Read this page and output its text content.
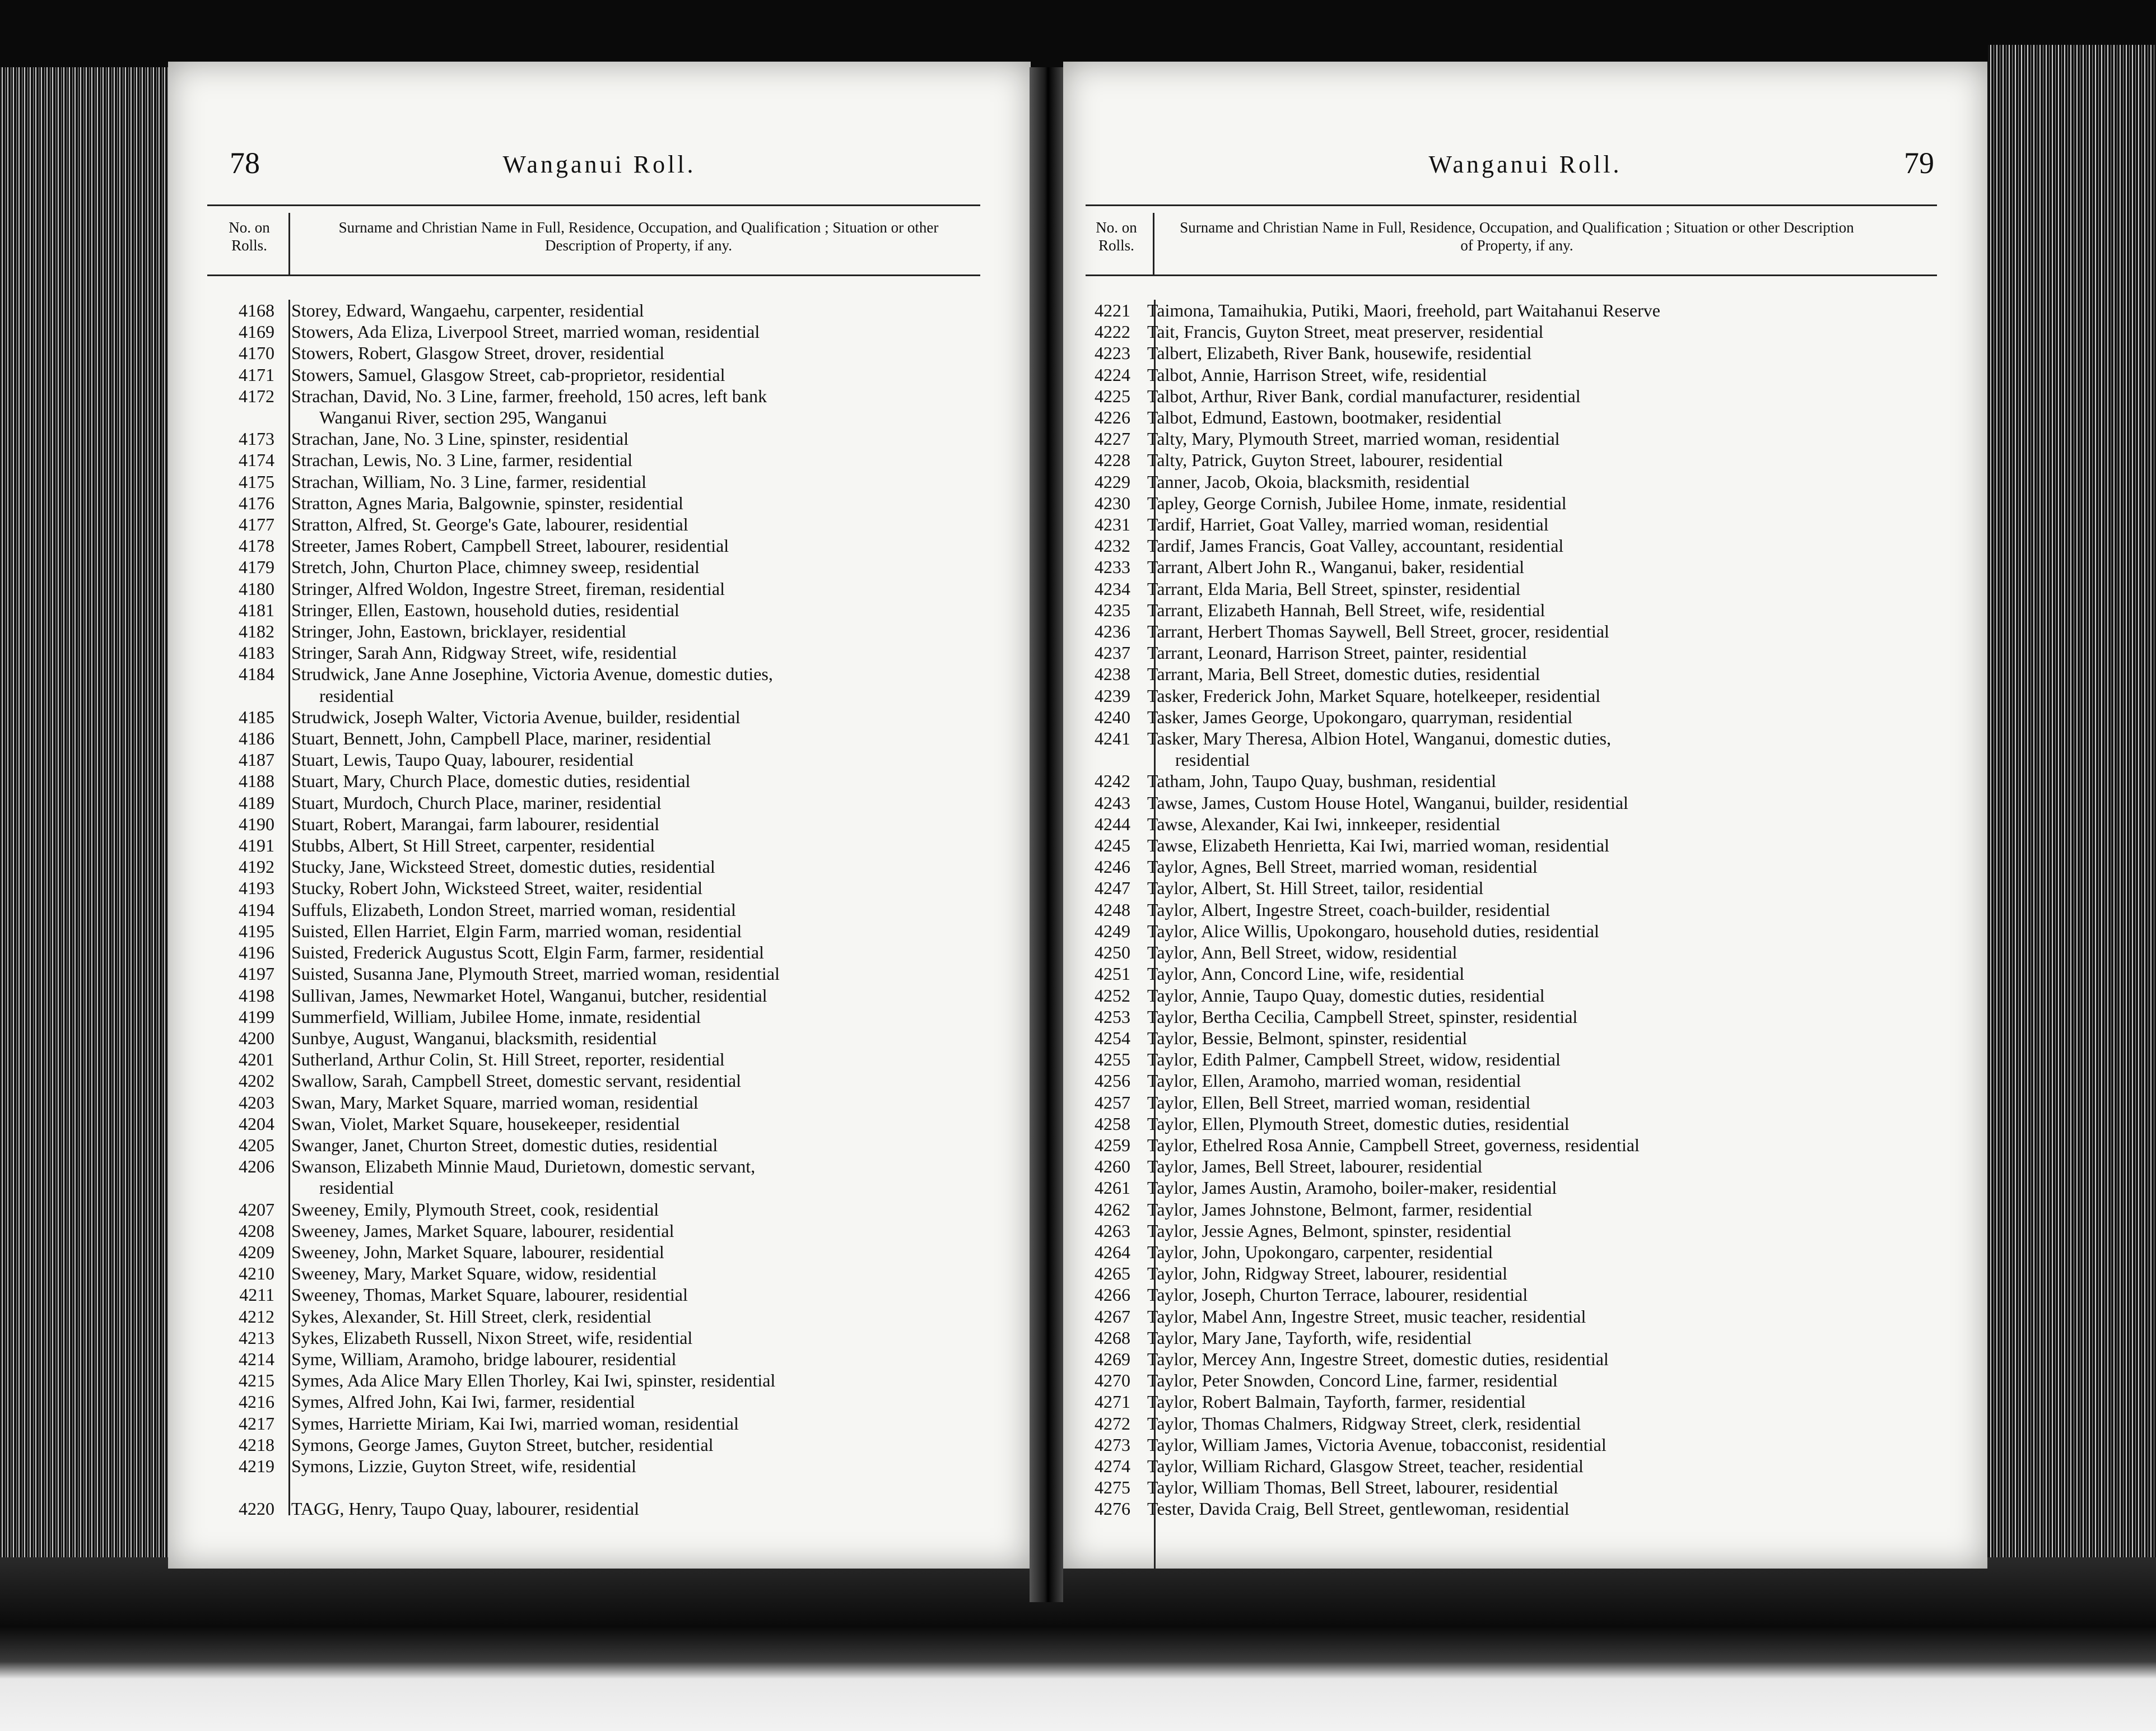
78	Wanganui Roll.
No. on Rolls.
Surname and Christian Name in Full, Residence, Occupation, and Qualification ; Situation or other Description of Property, if any.
4168 Storey, Edward, Wangaehu, carpenter, residential
4169 Stowers, Ada Eliza, Liverpool Street, married woman, residential
4170 Stowers, Robert, Glasgow Street, drover, residential
4171 Stowers, Samuel, Glasgow Street, cab-proprietor, residential
4172 Strachan, David, No. 3 Line, farmer, freehold, 150 acres, left bank
Wanganui River, section 295, Wanganui
4173 Strachan, Jane, No. 3 Line, spinster, residential
4174 Strachan, Lewis, No. 3 Line, farmer, residential
4175 Strachan, William, No. 3 Line, farmer, residential
4176 Stratton, Agnes Maria, Balgownie, spinster, residential
4177 Stratton, Alfred, St. George's Gate, labourer, residential
4178 Streeter, James Robert, Campbell Street, labourer, residential
4179 Stretch, John, Churton Place, chimney sweep, residential
4180 Stringer, Alfred Woldon, Ingestre Street, fireman, residential
4181 Stringer, Ellen, Eastown, household duties, residential
4182 Stringer, John, Eastown, bricklayer, residential
4183 Stringer, Sarah Ann, Ridgway Street, wife, residential
4184 Strudwick, Jane Anne Josephine, Victoria Avenue, domestic duties,
residential
4185 Strudwick, Joseph Walter, Victoria Avenue, builder, residential
4186 Stuart, Bennett, John, Campbell Place, mariner, residential
4187 Stuart, Lewis, Taupo Quay, labourer, residential
4188 Stuart, Mary, Church Place, domestic duties, residential
4189 Stuart, Murdoch, Church Place, mariner, residential
4190 Stuart, Robert, Marangai, farm labourer, residential
4191 Stubbs, Albert, St Hill Street, carpenter, residential
4192 Stucky, Jane, Wicksteed Street, domestic duties, residential
4193 Stucky, Robert John, Wicksteed Street, waiter, residential
4194 Suffuls, Elizabeth, London Street, married woman, residential
4195 Suisted, Ellen Harriet, Elgin Farm, married woman, residential
4196 Suisted, Frederick Augustus Scott, Elgin Farm, farmer, residential
4197 Suisted, Susanna Jane, Plymouth Street, married woman, residential
4198 Sullivan, James, Newmarket Hotel, Wanganui, butcher, residential
4199 Summerfield, William, Jubilee Home, inmate, residential
4200 Sunbye, August, Wanganui, blacksmith, residential
4201 Sutherland, Arthur Colin, St. Hill Street, reporter, residential
4202 Swallow, Sarah, Campbell Street, domestic servant, residential
4203 Swan, Mary, Market Square, married woman, residential
4204 Swan, Violet, Market Square, housekeeper, residential
4205 Swanger, Janet, Churton Street, domestic duties, residential
4206 Swanson, Elizabeth Minnie Maud, Durietown, domestic servant,
residential
4207 Sweeney, Emily, Plymouth Street, cook, residential
4208 Sweeney, James, Market Square, labourer, residential
4209 Sweeney, John, Market Square, labourer, residential
4210 Sweeney, Mary, Market Square, widow, residential
4211 Sweeney, Thomas, Market Square, labourer, residential
4212 Sykes, Alexander, St. Hill Street, clerk, residential
4213 Sykes, Elizabeth Russell, Nixon Street, wife, residential
4214 Syme, William, Aramoho, bridge labourer, residential
4215 Symes, Ada Alice Mary Ellen Thorley, Kai Iwi, spinster, residential
4216 Symes, Alfred John, Kai Iwi, farmer, residential
4217 Symes, Harriette Miriam, Kai Iwi, married woman, residential
4218 Symons, George James, Guyton Street, butcher, residential
4219 Symons, Lizzie, Guyton Street, wife, residential
4220 TAGG, Henry, Taupo Quay, labourer, residential
Wanganui Roll.	79
No. on Rolls.
Surname and Christian Name in Full, Residence, Occupation, and Qualification ; Situation or other Description of Property, if any.
4221 Taimona, Tamaihukia, Putiki, Maori, freehold, part Waitahanui Reserve
4222 Tait, Francis, Guyton Street, meat preserver, residential
4223 Talbert, Elizabeth, River Bank, housewife, residential
4224 Talbot, Annie, Harrison Street, wife, residential
4225 Talbot, Arthur, River Bank, cordial manufacturer, residential
4226 Talbot, Edmund, Eastown, bootmaker, residential
4227 Talty, Mary, Plymouth Street, married woman, residential
4228 Talty, Patrick, Guyton Street, labourer, residential
4229 Tanner, Jacob, Okoia, blacksmith, residential
4230 Tapley, George Cornish, Jubilee Home, inmate, residential
4231 Tardif, Harriet, Goat Valley, married woman, residential
4232 Tardif, James Francis, Goat Valley, accountant, residential
4233 Tarrant, Albert John R., Wanganui, baker, residential
4234 Tarrant, Elda Maria, Bell Street, spinster, residential
4235 Tarrant, Elizabeth Hannah, Bell Street, wife, residential
4236 Tarrant, Herbert Thomas Saywell, Bell Street, grocer, residential
4237 Tarrant, Leonard, Harrison Street, painter, residential
4238 Tarrant, Maria, Bell Street, domestic duties, residential
4239 Tasker, Frederick John, Market Square, hotelkeeper, residential
4240 Tasker, James George, Upokongaro, quarryman, residential
4241 Tasker, Mary Theresa, Albion Hotel, Wanganui, domestic duties,
residential
4242 Tatham, John, Taupo Quay, bushman, residential
4243 Tawse, James, Custom House Hotel, Wanganui, builder, residential
4244 Tawse, Alexander, Kai Iwi, innkeeper, residential
4245 Tawse, Elizabeth Henrietta, Kai Iwi, married woman, residential
4246 Taylor, Agnes, Bell Street, married woman, residential
4247 Taylor, Albert, St. Hill Street, tailor, residential
4248 Taylor, Albert, Ingestre Street, coach-builder, residential
4249 Taylor, Alice Willis, Upokongaro, household duties, residential
4250 Taylor, Ann, Bell Street, widow, residential
4251 Taylor, Ann, Concord Line, wife, residential
4252 Taylor, Annie, Taupo Quay, domestic duties, residential
4253 Taylor, Bertha Cecilia, Campbell Street, spinster, residential
4254 Taylor, Bessie, Belmont, spinster, residential
4255 Taylor, Edith Palmer, Campbell Street, widow, residential
4256 Taylor, Ellen, Aramoho, married woman, residential
4257 Taylor, Ellen, Bell Street, married woman, residential
4258 Taylor, Ellen, Plymouth Street, domestic duties, residential
4259 Taylor, Ethelred Rosa Annie, Campbell Street, governess, residential
4260 Taylor, James, Bell Street, labourer, residential
4261 Taylor, James Austin, Aramoho, boiler-maker, residential
4262 Taylor, James Johnstone, Belmont, farmer, residential
4263 Taylor, Jessie Agnes, Belmont, spinster, residential
4264 Taylor, John, Upokongaro, carpenter, residential
4265 Taylor, John, Ridgway Street, labourer, residential
4266 Taylor, Joseph, Churton Terrace, labourer, residential
4267 Taylor, Mabel Ann, Ingestre Street, music teacher, residential
4268 Taylor, Mary Jane, Tayforth, wife, residential
4269 Taylor, Mercey Ann, Ingestre Street, domestic duties, residential
4270 Taylor, Peter Snowden, Concord Line, farmer, residential
4271 Taylor, Robert Balmain, Tayforth, farmer, residential
4272 Taylor, Thomas Chalmers, Ridgway Street, clerk, residential
4273 Taylor, William James, Victoria Avenue, tobacconist, residential
4274 Taylor, William Richard, Glasgow Street, teacher, residential
4275 Taylor, William Thomas, Bell Street, labourer, residential
4276 Tester, Davida Craig, Bell Street, gentlewoman, residential
